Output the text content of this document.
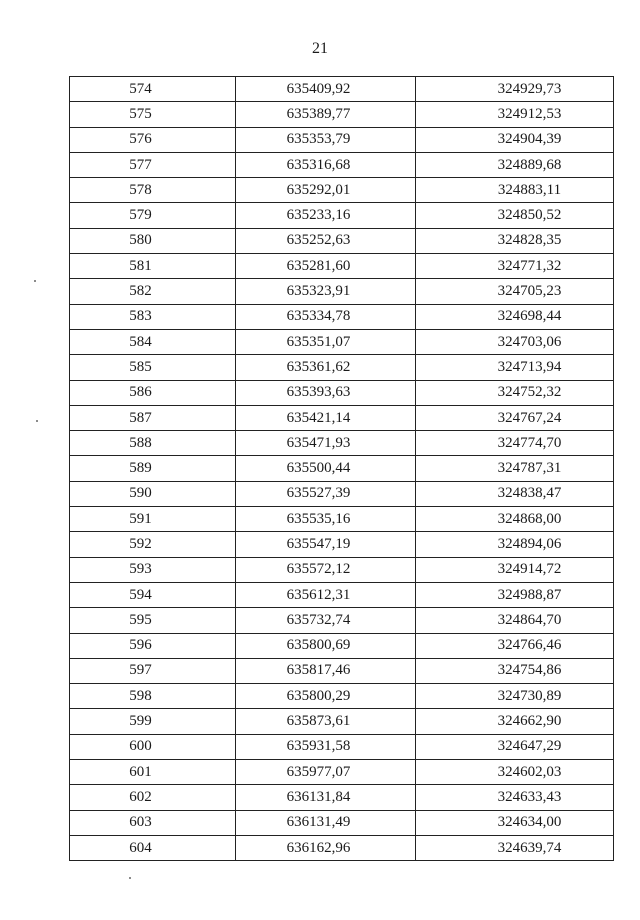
21
574	635409,92	324929,73
575	635389,77	324912,53
576	635353,79	324904,39
577	635316,68	324889,68
578	635292,01	324883,11
579	635233,16	324850,52
580	635252,63	324828,35
581	635281,60	324771,32
582	635323,91	324705,23
583	635334,78	324698,44
584	635351,07	324703,06
585	635361,62	324713,94
586	635393,63	324752,32
587	635421,14	324767,24
588	635471,93	324774,70
589	635500,44	324787,31
590	635527,39	324838,47
591	635535,16	324868,00
592	635547,19	324894,06
593	635572,12	324914,72
594	635612,31	324988,87
595	635732,74	324864,70
596	635800,69	324766,46
597	635817,46	324754,86
598	635800,29	324730,89
599	635873,61	324662,90
600	635931,58	324647,29
601	635977,07	324602,03
602	636131,84	324633,43
603	636131,49	324634,00
604	636162,96	324639,74
